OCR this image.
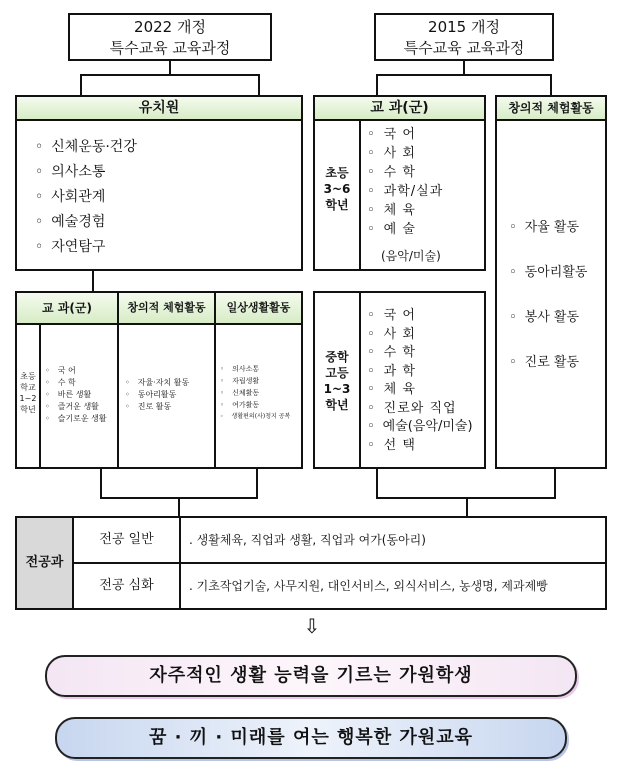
2022 개정
특수교육 교육과정
2015 개정
특수교육 교육과정
유치원
◦ 신체운동·건강
◦ 의사소통
◦ 사회관계
◦ 예술경험
◦ 자연탐구
교 과(군)
초등
학교
1~2
학년
◦ 국 어
◦ 수 학
◦ 바른 생활
◦ 즐거운 생활
◦ 슬기로운 생활
창의적 체험활동
◦ 자율·자치 활동
◦ 동아리활동
◦ 진로 활동
일상생활활동
◦ 의사소통
◦ 자립생활
◦ 신체활동
◦ 여가활동
◦ 생활편의(사)청지 공복
교 과(군)
초등
3~6
학년
◦ 국 어
◦ 사 회
◦ 수 학
◦ 과학/실과
◦ 체 육
◦ 예 술
(음악/미술)
중학
고등
1~3
학년
◦ 국 어
◦ 사 회
◦ 수 학
◦ 과 학
◦ 체 육
◦ 진로와 직업
◦ 예술(음악/미술)
◦ 선 택
창의적 체험활동
◦ 자율 활동
◦ 동아리활동
◦ 봉사 활동
◦ 진로 활동
전공과
전공 일반	. 생활체육, 직업과 생활, 직업과 여가(동아리)
전공 심화	. 기초작업기술, 사무지원, 대인서비스, 외식서비스, 농생명, 제과제빵
⇩
자주적인 생활 능력을 기르는 가원학생
꿈 · 끼 · 미래를 여는 행복한 가원교육
